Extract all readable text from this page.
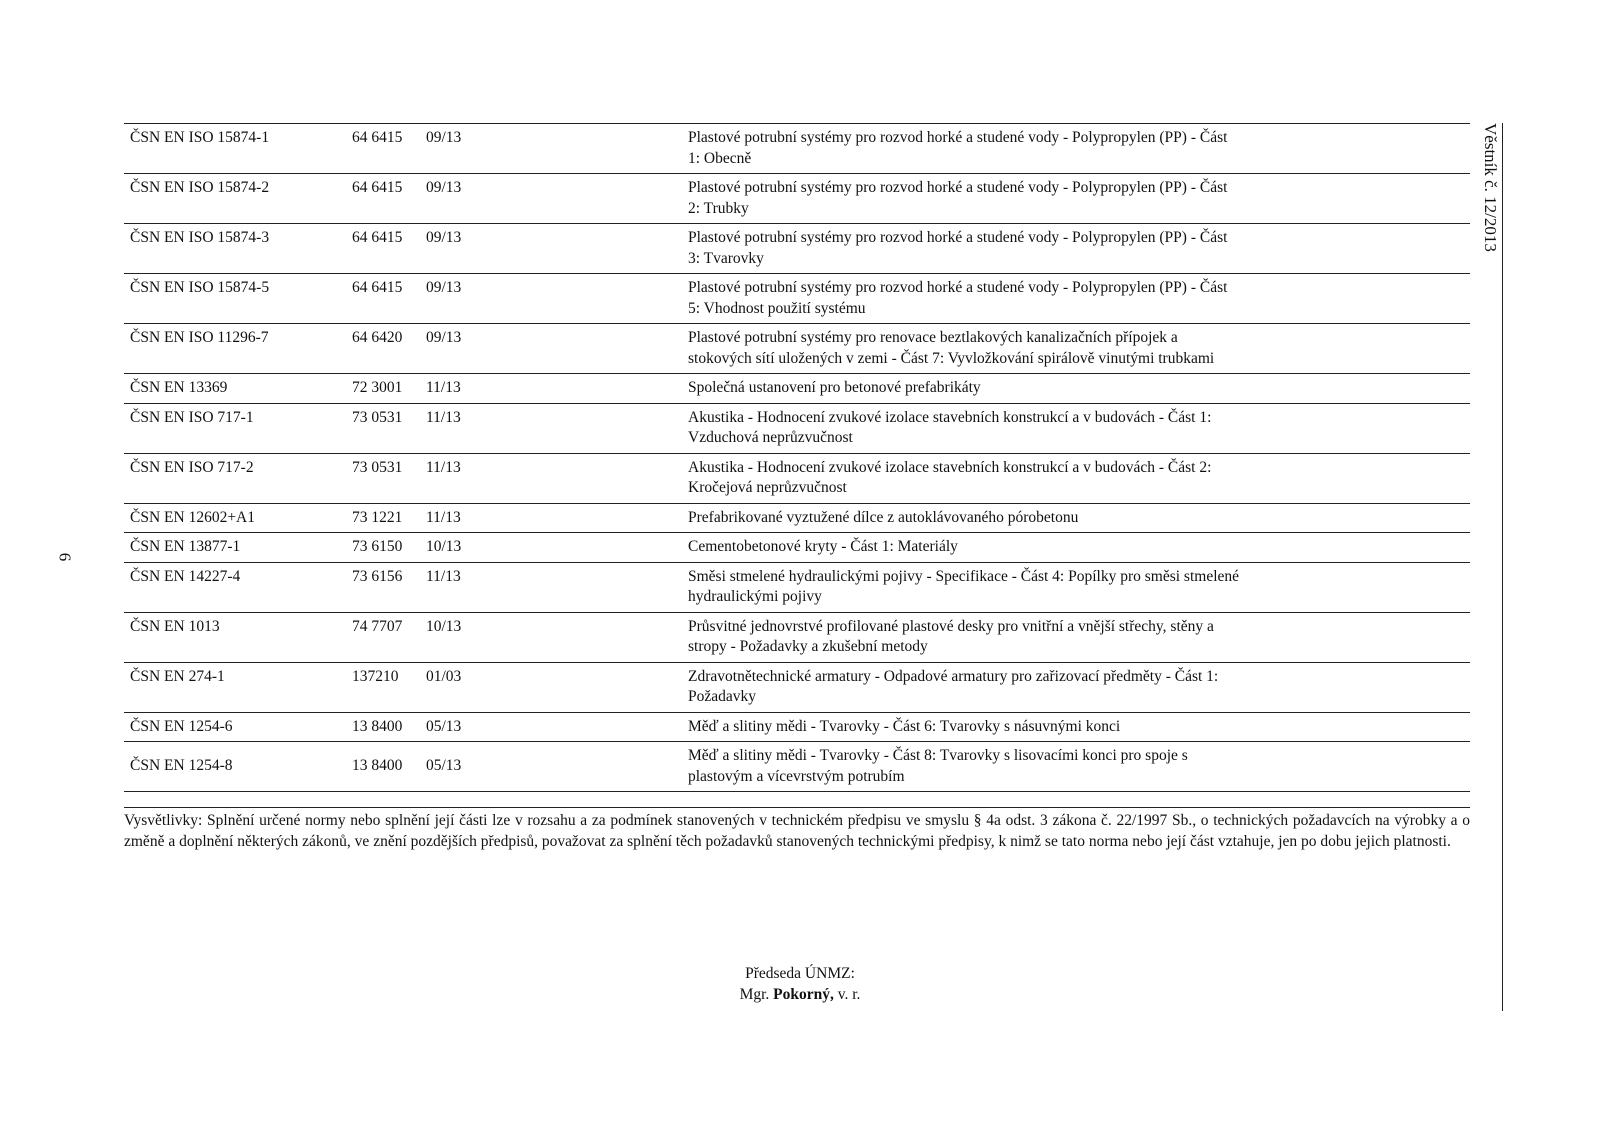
6
Věstník č. 12/2013
ČSN EN ISO 15874-1	64 6415	09/13	Plastové potrubní systémy pro rozvod horké a studené vody - Polypropylen (PP) - Část 1: Obecně
ČSN EN ISO 15874-2	64 6415	09/13	Plastové potrubní systémy pro rozvod horké a studené vody - Polypropylen (PP) - Část 2: Trubky
ČSN EN ISO 15874-3	64 6415	09/13	Plastové potrubní systémy pro rozvod horké a studené vody - Polypropylen (PP) - Část 3: Tvarovky
ČSN EN ISO 15874-5	64 6415	09/13	Plastové potrubní systémy pro rozvod horké a studené vody - Polypropylen (PP) - Část 5: Vhodnost použití systému
ČSN EN ISO 11296-7	64 6420	09/13	Plastové potrubní systémy pro renovace beztlakových kanalizačních přípojek a stokových sítí uložených v zemi - Část 7: Vyvložkování spirálově vinutými trubkami
ČSN EN 13369	72 3001	11/13	Společná ustanovení pro betonové prefabrikáty
ČSN EN ISO 717-1	73 0531	11/13	Akustika - Hodnocení zvukové izolace stavebních konstrukcí a v budovách - Část 1: Vzduchová neprůzvučnost
ČSN EN ISO 717-2	73 0531	11/13	Akustika - Hodnocení zvukové izolace stavebních konstrukcí a v budovách - Část 2: Kročejová neprůzvučnost
ČSN EN 12602+A1	73 1221	11/13	Prefabrikované vyztužené dílce z autoklávovaného pórobetonu
ČSN EN 13877-1	73 6150	10/13	Cementobetonové kryty - Část 1: Materiály
ČSN EN 14227-4	73 6156	11/13	Směsi stmelené hydraulickými pojivy - Specifikace - Část 4: Popílky pro směsi stmelené hydraulickými pojivy
ČSN EN 1013	74 7707	10/13	Průsvitné jednovrstvé profilované plastové desky pro vnitřní a vnější střechy, stěny a stropy - Požadavky a zkušební metody
ČSN EN 274-1	137210	01/03	Zdravotnětechnické armatury - Odpadové armatury pro zařizovací předměty - Část 1: Požadavky
ČSN EN 1254-6	13 8400	05/13	Měď a slitiny mědi - Tvarovky - Část 6: Tvarovky s násuvnými konci
ČSN EN 1254-8	13 8400	05/13	Měď a slitiny mědi - Tvarovky - Část 8: Tvarovky s lisovacími konci pro spoje s plastovým a vícevrstvým potrubím

Vysvětlivky: Splnění určené normy nebo splnění její části lze v rozsahu a za podmínek stanovených v technickém předpisu ve smyslu § 4a odst. 3 zákona č. 22/1997 Sb., o technických požadavcích na výrobky a o změně a doplnění některých zákonů, ve znění pozdějších předpisů, považovat za splnění těch požadavků stanovených technickými předpisy, k nimž se tato norma nebo její část vztahuje, jen po dobu jejich platnosti.

Předseda ÚNMZ:
Mgr. Pokorný, v. r.
